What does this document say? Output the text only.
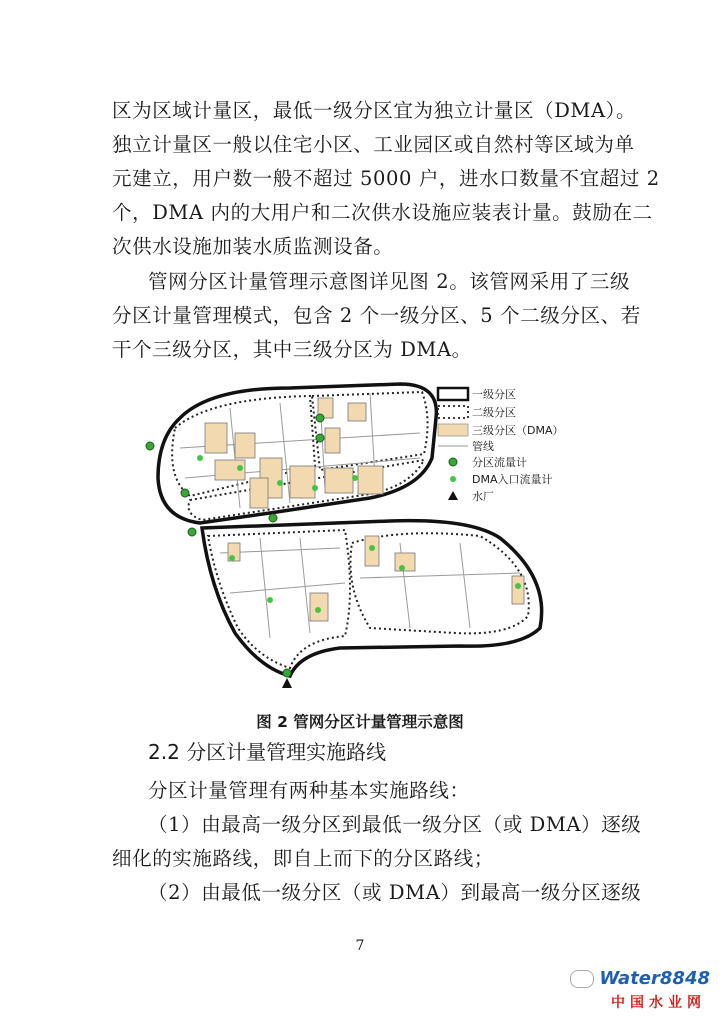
区为区域计量区，最低一级分区宜为独立计量区（DMA）。
独立计量区一般以住宅小区、工业园区或自然村等区域为单
元建立，用户数一般不超过 5000 户，进水口数量不宜超过 2
个，DMA 内的大用户和二次供水设施应装表计量。鼓励在二
次供水设施加装水质监测设备。
管网分区计量管理示意图详见图 2。该管网采用了三级
分区计量管理模式，包含 2 个一级分区、5 个二级分区、若
干个三级分区，其中三级分区为 DMA。
一级分区
二级分区
三级分区（DMA）
管线
分区流量计
DMA入口流量计
水厂
图 2 管网分区计量管理示意图
2.2 分区计量管理实施路线
分区计量管理有两种基本实施路线：
（1）由最高一级分区到最低一级分区（或 DMA）逐级
细化的实施路线，即自上而下的分区路线；
（2）由最低一级分区（或 DMA）到最高一级分区逐级
7
Water8848
中国水业网
